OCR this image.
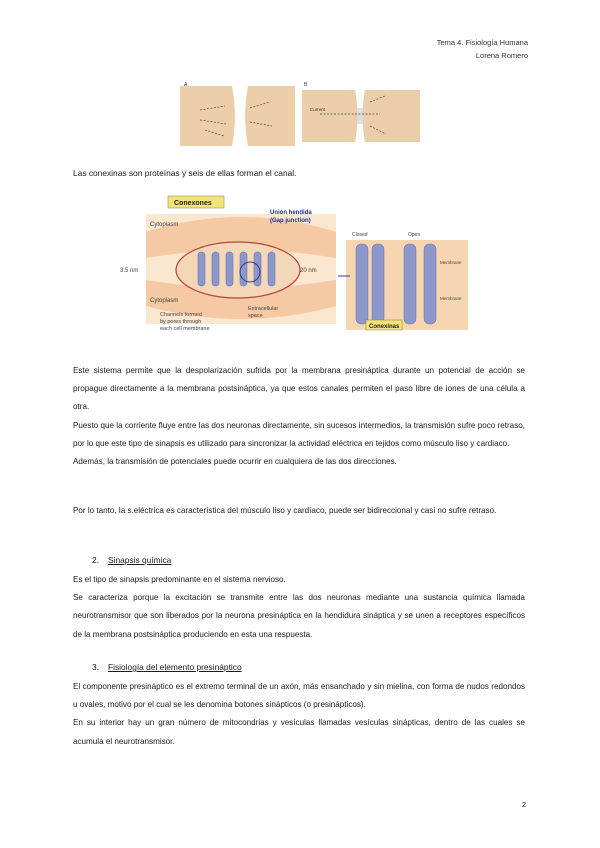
Tema 4. Fisiología Humana
Lorena Romero
A	B
Current
Las conexinas son proteínas y seis de ellas forman el canal.
Conexones
Unión hendida
(Gap junction)
Cytoplasm
Cytoplasm
3.5 nm	20 nm
Channels formed
by pores through
each cell membrane
Extracellular
space
Closed	Open
Membrane
Membrane
Conexinas

Este sistema permite que la despolarización sufrida por la membrana presináptica durante un potencial de acción se propague directamente a la membrana postsináptica, ya que estos canales permiten el paso libre de iones de una célula a otra.

Puesto que la corriente fluye entre las dos neuronas directamente, sin sucesos intermedios, la transmisión sufre poco retraso, por lo que este tipo de sinapsis es utilizado para sincronizar la actividad eléctrica en tejidos como músculo liso y cardiaco.

Además, la transmisión de potenciales puede ocurrir en cualquiera de las dos direcciones.

Por lo tanto, la s.eléctrica es característica del músculo liso y cardíaco, puede ser bidireccional y casi no sufre retraso.
2. Sinapsis química

Es el tipo de sinapsis predominante en el sistema nervioso.

Se caracteriza porque la excitación se transmite entre las dos neuronas mediante una sustancia química llamada neurotransmisor que son liberados por la neurona presináptica en la hendidura sináptica y se unen a receptores específicos de la membrana postsináptica produciendo en esta una respuesta.

3. Fisiología del elemento presináptico

El componente presináptico es el extremo terminal de un axón, más ensanchado y sin mielina, con forma de nudos redondos u ovales, motivo por el cual se les denomina botones sinápticos (o presinápticos).

En su interior hay un gran número de mitocondrias y vesículas llamadas vesículas sinápticas, dentro de las cuales se acumula el neurotransmisor.

2
